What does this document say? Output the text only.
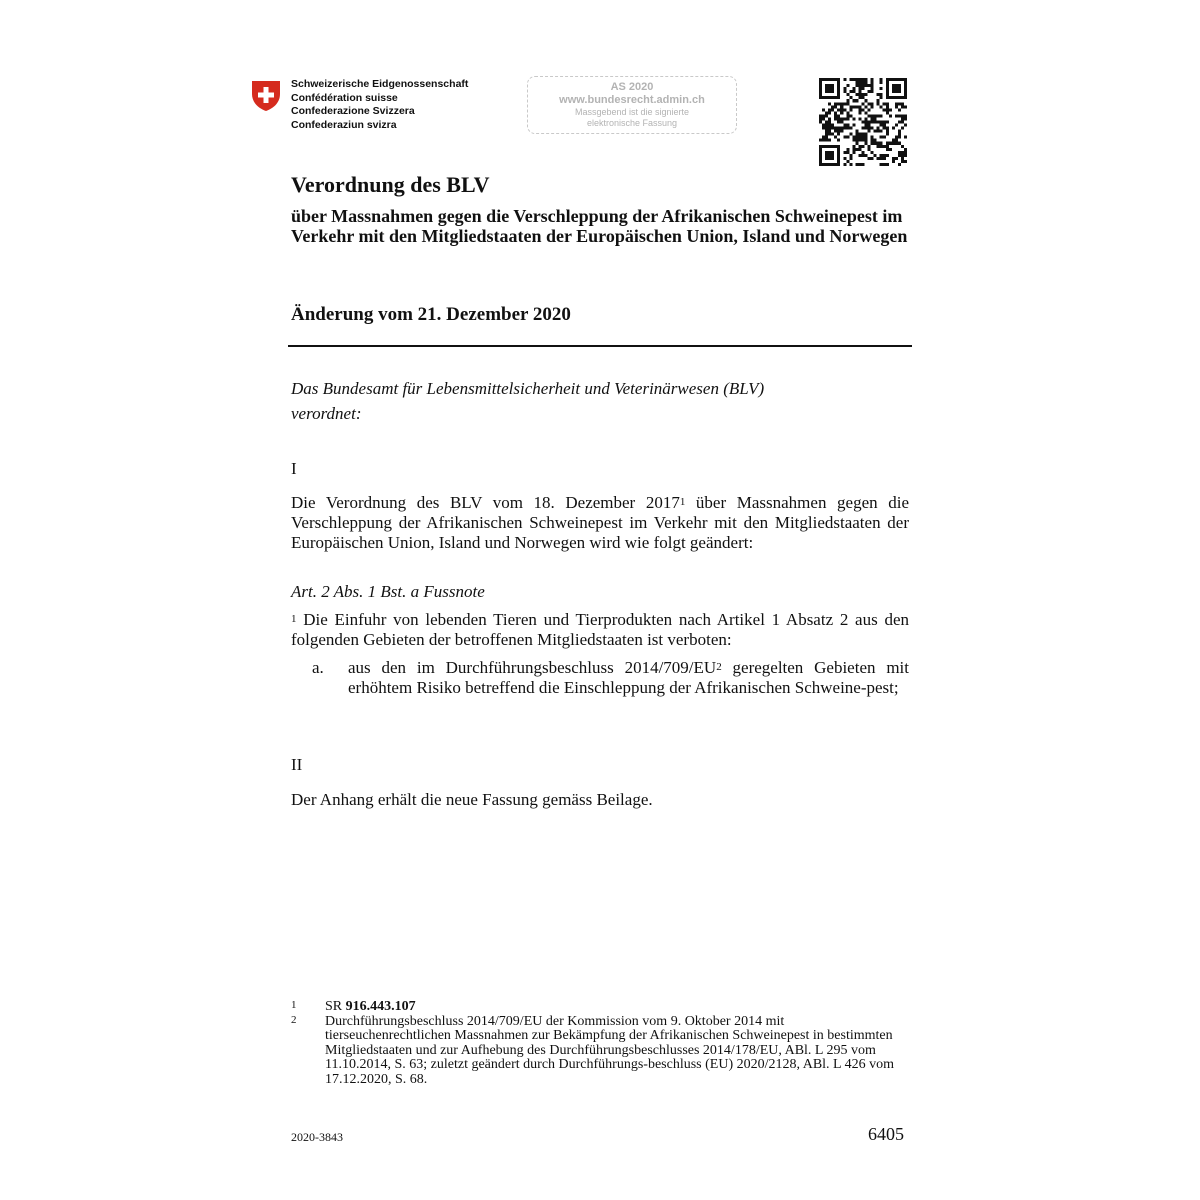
Schweizerische Eidgenossenschaft
Confédération suisse
Confederazione Svizzera
Confederaziun svizra
AS 2020
www.bundesrecht.admin.ch
Massgebend ist die signierte
elektronische Fassung
Verordnung des BLV
über Massnahmen gegen die Verschleppung der Afrikanischen Schweinepest im Verkehr mit den Mitgliedstaaten der Europäischen Union, Island und Norwegen
Änderung vom 21. Dezember 2020
Das Bundesamt für Lebensmittelsicherheit und Veterinärwesen (BLV)
verordnet:
I
Die Verordnung des BLV vom 18. Dezember 2017$^1$ über Massnahmen gegen die Verschleppung der Afrikanischen Schweinepest im Verkehr mit den Mitgliedstaaten der Europäischen Union, Island und Norwegen wird wie folgt geändert:
Art. 2 Abs. 1 Bst. a Fussnote
$^1$ Die Einfuhr von lebenden Tieren und Tierprodukten nach Artikel 1 Absatz 2 aus den folgenden Gebieten der betroffenen Mitgliedstaaten ist verboten:
a. aus den im Durchführungsbeschluss $2014/709/EU^2$ geregelten Gebieten mit erhöhtem Risiko betreffend die Einschleppung der Afrikanischen Schweine-pest;
II
Der Anhang erhält die neue Fassung gemäss Beilage.
1 SR 916.443.107
2 Durchführungsbeschluss 2014/709/EU der Kommission vom 9. Oktober 2014 mit tierseuchenrechtlichen Massnahmen zur Bekämpfung der Afrikanischen Schweinepest in bestimmten Mitgliedstaaten und zur Aufhebung des Durchführungsbeschlusses 2014/178/EU, ABl. L 295 vom 11.10.2014, S. 63; zuletzt geändert durch Durchführungs-beschluss (EU) 2020/2128, ABl. L 426 vom 17.12.2020, S. 68.
2020-3843	6405
